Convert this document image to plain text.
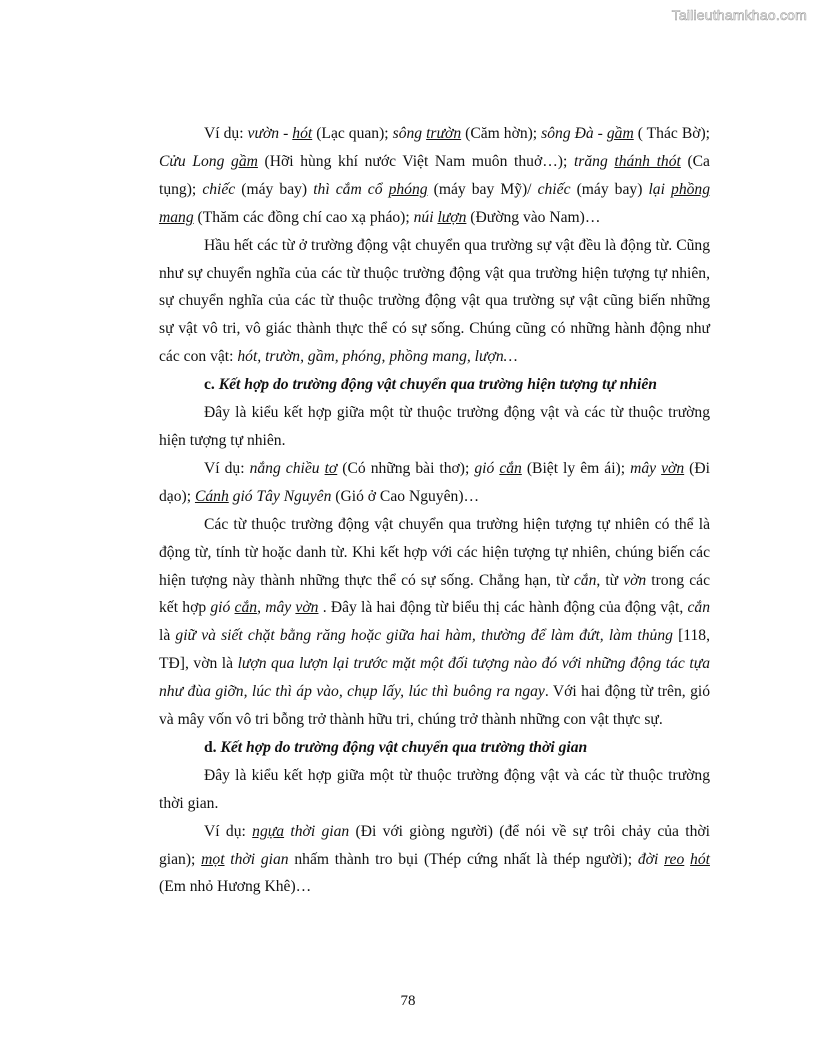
Tailieuthamkhao.com

Ví dụ: vườn - hót (Lạc quan); sông trườn (Căm hờn); sông Đà - gầm ( Thác Bờ); Cửu Long gầm (Hỡi hùng khí nước Việt Nam muôn thuở…); trăng thánh thót (Ca tụng); chiếc (máy bay) thì cắm cổ phóng (máy bay Mỹ)/ chiếc (máy bay) lại phồng mang (Thăm các đồng chí cao xạ pháo); núi lượn (Đường vào Nam)…

Hầu hết các từ ở trường động vật chuyển qua trường sự vật đều là động từ. Cũng như sự chuyển nghĩa của các từ thuộc trường động vật qua trường hiện tượng tự nhiên, sự chuyển nghĩa của các từ thuộc trường động vật qua trường sự vật cũng biến những sự vật vô tri, vô giác thành thực thể có sự sống. Chúng cũng có những hành động như các con vật: hót, trườn, gầm, phóng, phồng mang, lượn…

c. Kết hợp do trường động vật chuyển qua trường hiện tượng tự nhiên

Đây là kiểu kết hợp giữa một từ thuộc trường động vật và các từ thuộc trường hiện tượng tự nhiên.

Ví dụ: nắng chiều tơ (Có những bài thơ); gió cắn (Biệt ly êm ái); mây vờn (Đi dạo); Cánh gió Tây Nguyên (Gió ở Cao Nguyên)…

Các từ thuộc trường động vật chuyển qua trường hiện tượng tự nhiên có thể là động từ, tính từ hoặc danh từ. Khi kết hợp với các hiện tượng tự nhiên, chúng biến các hiện tượng này thành những thực thể có sự sống. Chẳng hạn, từ cắn, từ vờn trong các kết hợp gió cắn, mây vờn . Đây là hai động từ biểu thị các hành động của động vật, cắn là giữ và siết chặt bằng răng hoặc giữa hai hàm, thường để làm đứt, làm thủng [118, TĐ], vờn là lượn qua lượn lại trước mặt một đối tượng nào đó với những động tác tựa như đùa giỡn, lúc thì áp vào, chụp lấy, lúc thì buông ra ngay. Với hai động từ trên, gió và mây vốn vô tri bỗng trở thành hữu tri, chúng trở thành những con vật thực sự.

d. Kết hợp do trường động vật chuyển qua trường thời gian

Đây là kiểu kết hợp giữa một từ thuộc trường động vật và các từ thuộc trường thời gian.

Ví dụ: ngựa thời gian (Đi với giòng người) (để nói về sự trôi chảy của thời gian); mọt thời gian nhấm thành tro bụi (Thép cứng nhất là thép người); đời reo hót (Em nhỏ Hương Khê)…

78
